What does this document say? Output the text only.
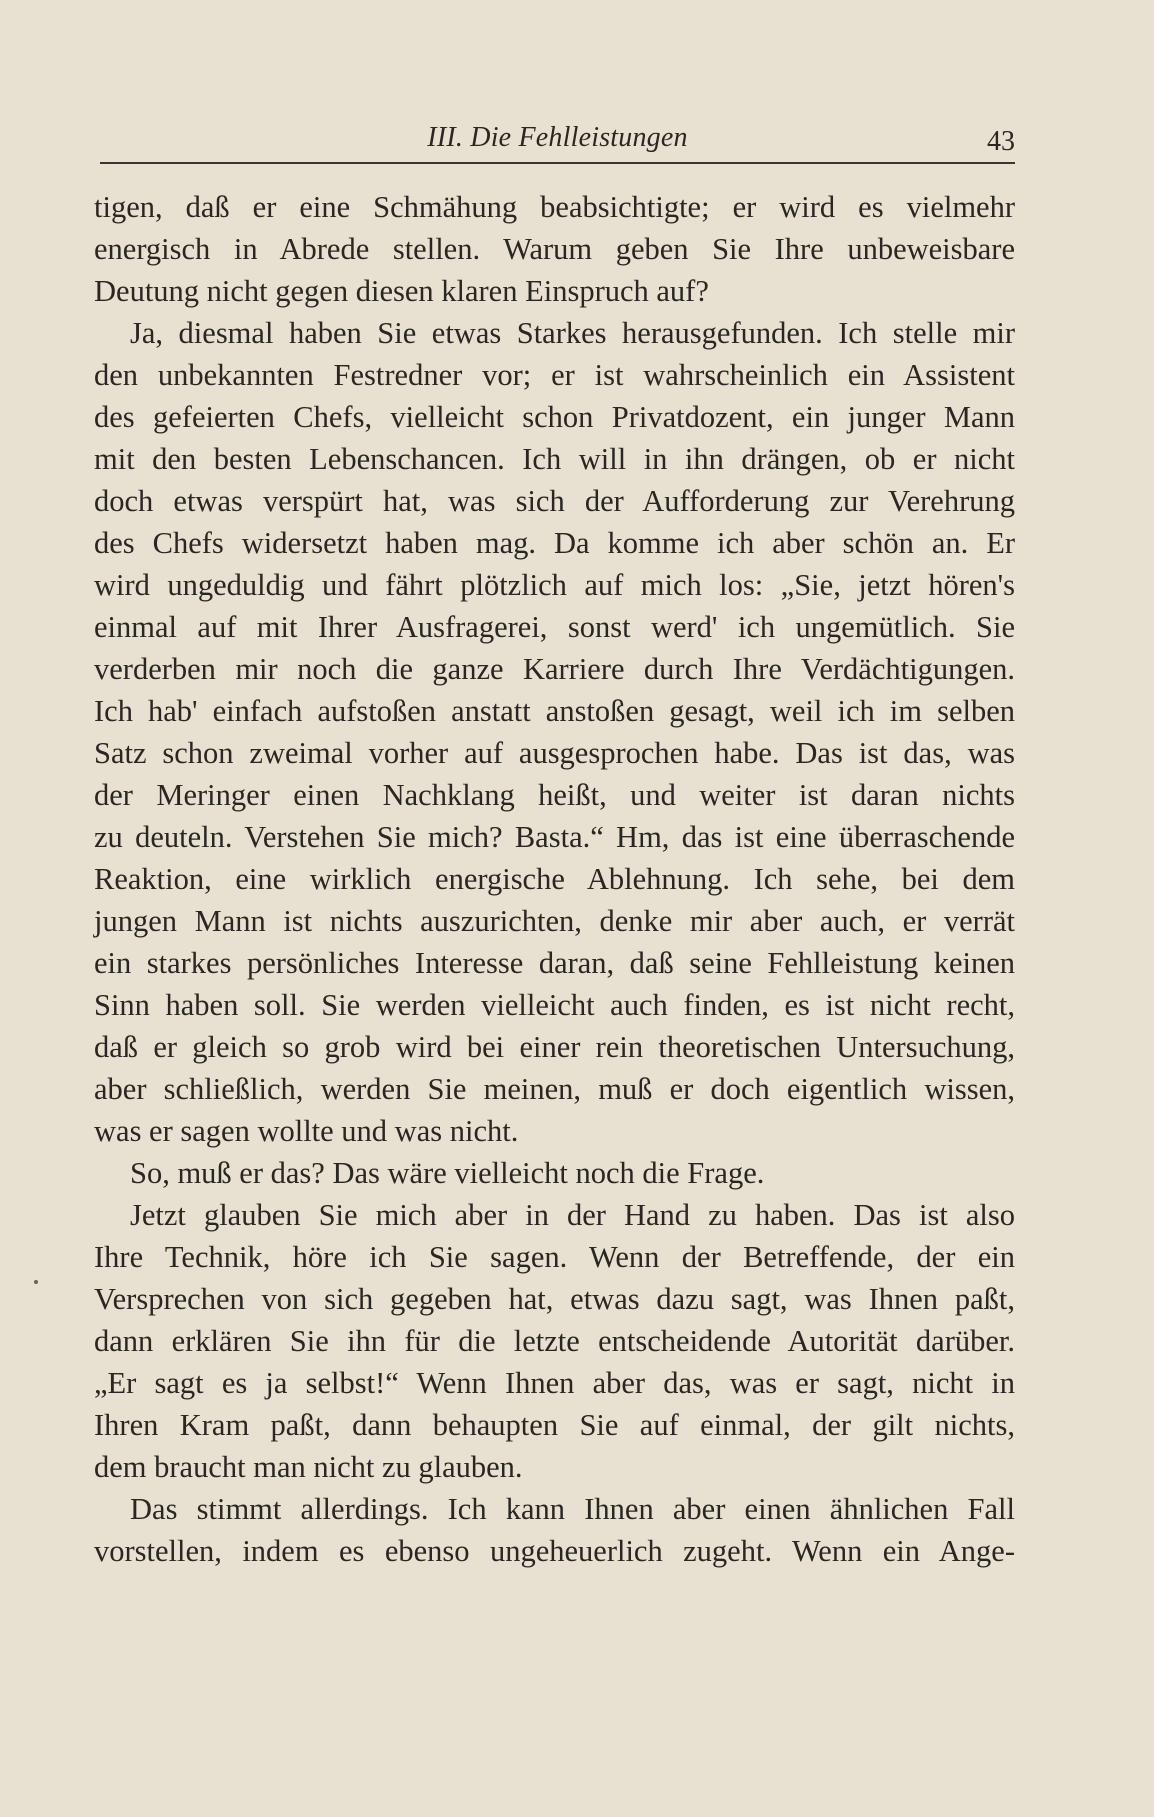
III. Die Fehlleistungen	43
tigen, daß er eine Schmähung beabsichtigte; er wird es vielmehr
energisch in Abrede stellen. Warum geben Sie Ihre unbeweisbare
Deutung nicht gegen diesen klaren Einspruch auf?
Ja, diesmal haben Sie etwas Starkes herausgefunden. Ich stelle mir
den unbekannten Festredner vor; er ist wahrscheinlich ein Assistent
des gefeierten Chefs, vielleicht schon Privatdozent, ein junger Mann
mit den besten Lebenschancen. Ich will in ihn drängen, ob er nicht
doch etwas verspürt hat, was sich der Aufforderung zur Verehrung
des Chefs widersetzt haben mag. Da komme ich aber schön an. Er
wird ungeduldig und fährt plötzlich auf mich los: „Sie, jetzt hören's
einmal auf mit Ihrer Ausfragerei, sonst werd' ich ungemütlich. Sie
verderben mir noch die ganze Karriere durch Ihre Verdächtigungen.
Ich hab' einfach aufstoßen anstatt anstoßen gesagt, weil ich im selben
Satz schon zweimal vorher auf ausgesprochen habe. Das ist das, was
der Meringer einen Nachklang heißt, und weiter ist daran nichts
zu deuteln. Verstehen Sie mich? Basta.“ Hm, das ist eine überraschende
Reaktion, eine wirklich energische Ablehnung. Ich sehe, bei dem
jungen Mann ist nichts auszurichten, denke mir aber auch, er verrät
ein starkes persönliches Interesse daran, daß seine Fehlleistung keinen
Sinn haben soll. Sie werden vielleicht auch finden, es ist nicht recht,
daß er gleich so grob wird bei einer rein theoretischen Untersuchung,
aber schließlich, werden Sie meinen, muß er doch eigentlich wissen,
was er sagen wollte und was nicht.
So, muß er das? Das wäre vielleicht noch die Frage.
Jetzt glauben Sie mich aber in der Hand zu haben. Das ist also
Ihre Technik, höre ich Sie sagen. Wenn der Betreffende, der ein
Versprechen von sich gegeben hat, etwas dazu sagt, was Ihnen paßt,
dann erklären Sie ihn für die letzte entscheidende Autorität darüber.
„Er sagt es ja selbst!“ Wenn Ihnen aber das, was er sagt, nicht in
Ihren Kram paßt, dann behaupten Sie auf einmal, der gilt nichts,
dem braucht man nicht zu glauben.
Das stimmt allerdings. Ich kann Ihnen aber einen ähnlichen Fall
vorstellen, indem es ebenso ungeheuerlich zugeht. Wenn ein Ange-
